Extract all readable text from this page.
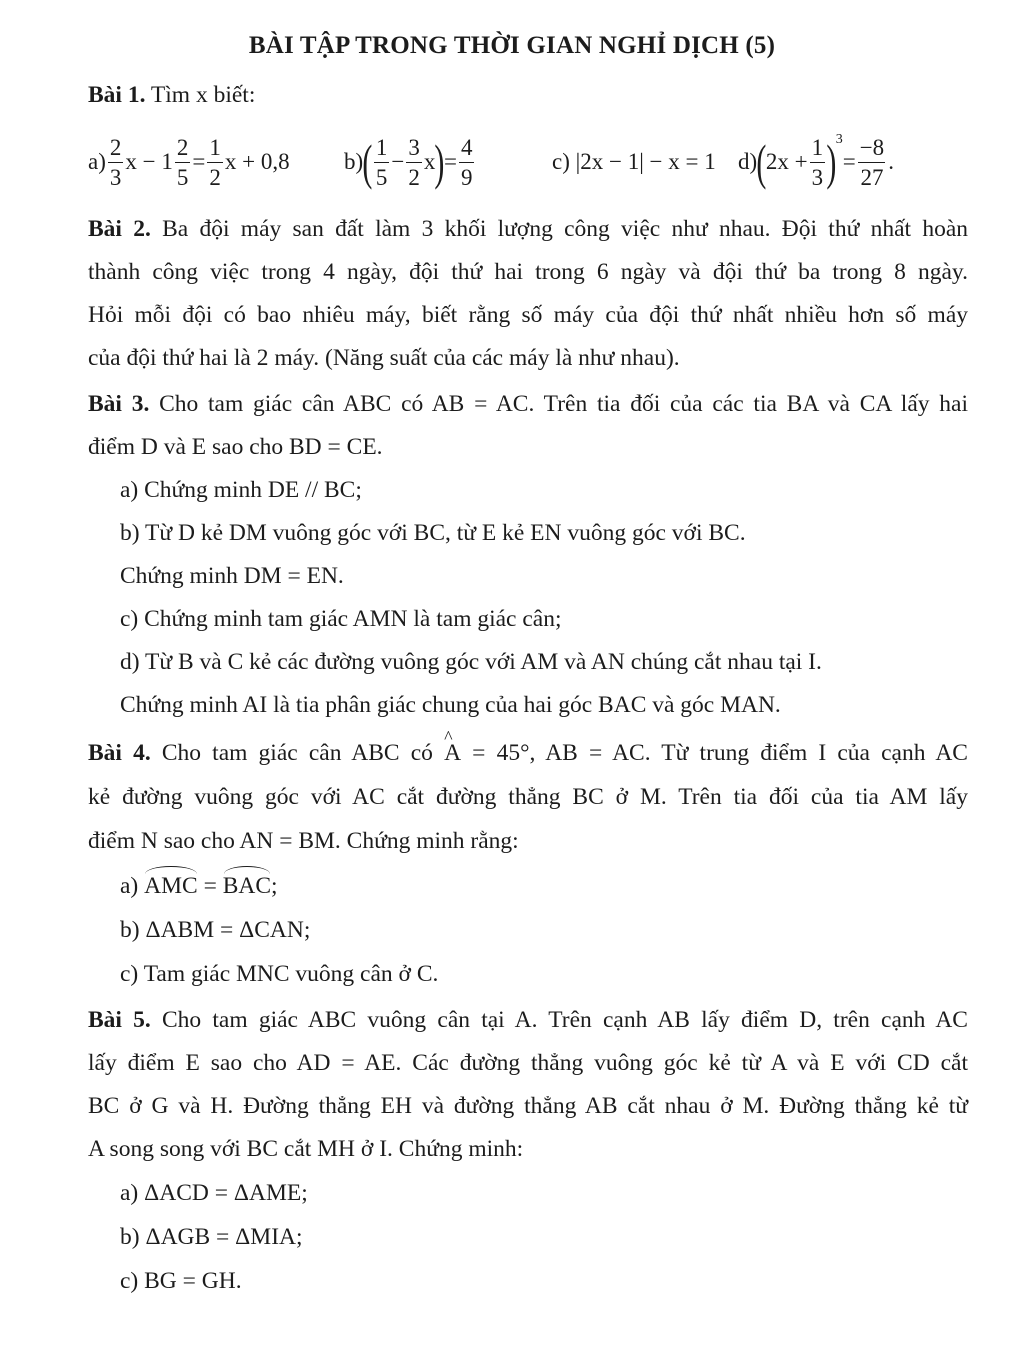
BÀI TẬP TRONG THỜI GIAN NGHỈ DỊCH (5)
Bài 1. Tìm x biết:
$a) \frac{2}{3}$ $x - 1 \frac{2}{5} = \frac{1}{2}$ x + 0,8 b) ( $\frac{1}{5} - \frac{3}{2}$ x ) = $\frac{4}{9}$	c)
|2x − 1| − x = 1 d) ( $2x + \frac{1}{3}$ ) 3
= $\frac{-8}{27}$ .
Bài 2. Ba đội máy san đất làm 3 khối lượng công việc như nhau. Đội thứ nhất hoàn
thành công việc trong 4 ngày, đội thứ hai trong 6 ngày và đội thứ ba trong 8 ngày.
Hỏi mỗi đội có bao nhiêu máy, biết rằng số máy của đội thứ nhất nhiều hơn số máy
của đội thứ hai là 2 máy. (Năng suất của các máy là như nhau).
Bài 3. Cho tam giác cân ABC có AB = AC. Trên tia đối của các tia BA và CA lấy hai
điểm D và E sao cho BD = CE.
a) Chứng minh DE // BC;
b) Từ D kẻ DM vuông góc với BC, từ E kẻ EN vuông góc với BC.
Chứng minh DM = EN.
c) Chứng minh tam giác AMN là tam giác cân;
d) Từ B và C kẻ các đường vuông góc với AM và AN chúng cắt nhau tại I.
Chứng minh AI là tia phân giác chung của hai góc BAC và góc MAN.
Bài 4. Cho tam giác cân ABC có ^ A = 45°, AB = AC. Từ trung điểm I của cạnh AC
kẻ đường vuông góc với AC cắt đường thẳng BC ở M. Trên tia đối của tia AM lấy
điểm N sao cho AN = BM. Chứng minh rằng:
a) AMC = BAC;
b) ΔABM = ΔCAN;
c) Tam giác MNC vuông cân ở C.
Bài 5. Cho tam giác ABC vuông cân tại A. Trên cạnh AB lấy điểm D, trên cạnh AC
lấy điểm E sao cho AD = AE. Các đường thẳng vuông góc kẻ từ A và E với CD cắt
BC ở G và H. Đường thẳng EH và đường thẳng AB cắt nhau ở M. Đường thẳng kẻ từ
A song song với BC cắt MH ở I. Chứng minh:
a) ΔACD = ΔAME;
b) ΔAGB = ΔMIA;
c) BG = GH.
